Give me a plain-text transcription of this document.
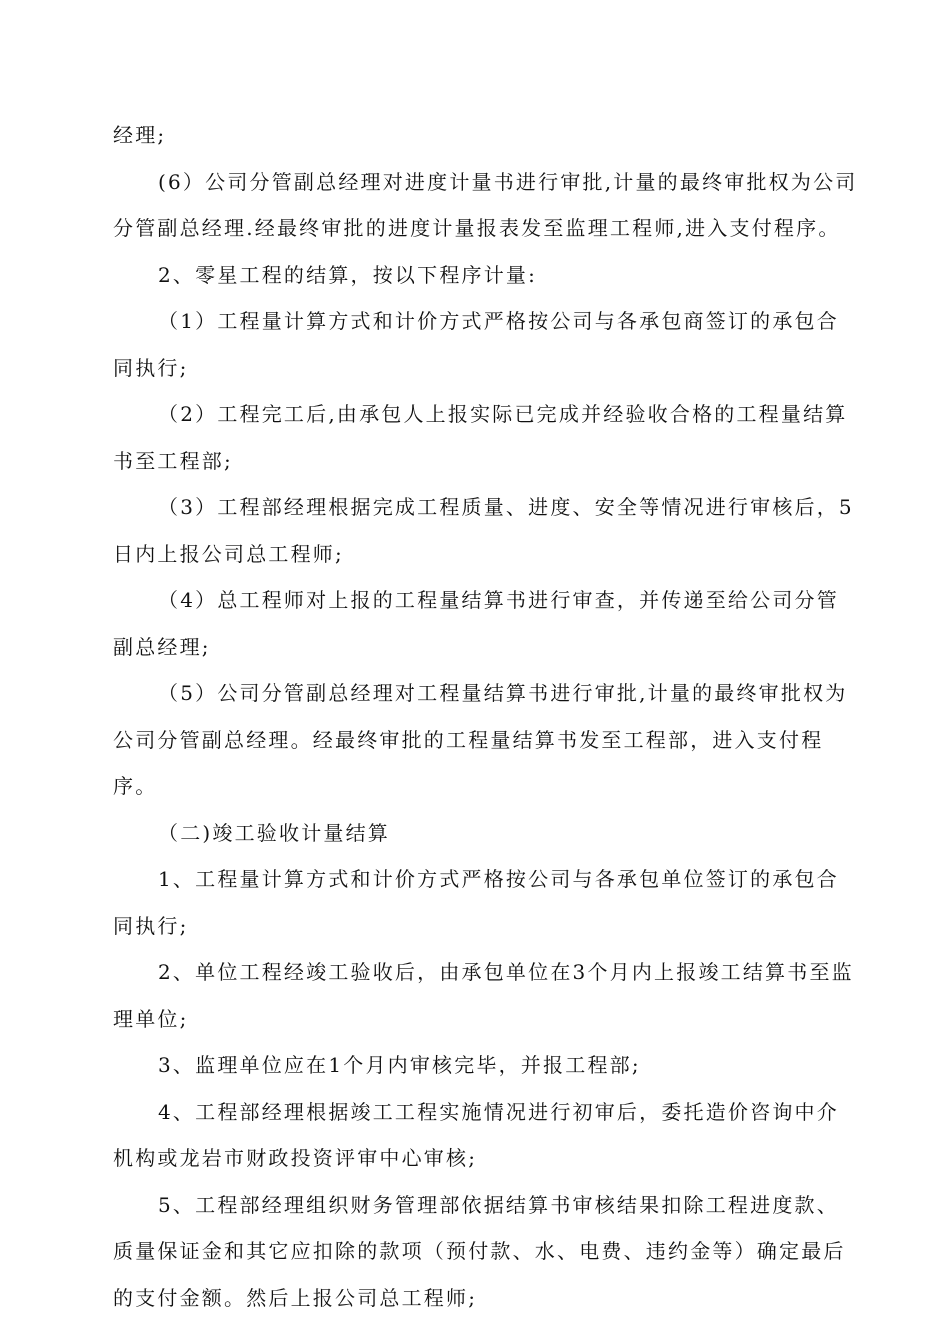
经理;

(6）公司分管副总经理对进度计量书进行审批,计量的最终审批权为公司分管副总经理.经最终审批的进度计量报表发至监理工程师,进入支付程序。

2、零星工程的结算，按以下程序计量:

（1）工程量计算方式和计价方式严格按公司与各承包商签订的承包合同执行;

（2）工程完工后,由承包人上报实际已完成并经验收合格的工程量结算书至工程部;

（3）工程部经理根据完成工程质量、进度、安全等情况进行审核后，5日内上报公司总工程师;

（4）总工程师对上报的工程量结算书进行审查，并传递至给公司分管副总经理;

（5）公司分管副总经理对工程量结算书进行审批,计量的最终审批权为公司分管副总经理。经最终审批的工程量结算书发至工程部，进入支付程序。

（二)竣工验收计量结算

1、工程量计算方式和计价方式严格按公司与各承包单位签订的承包合同执行;

2、单位工程经竣工验收后，由承包单位在3个月内上报竣工结算书至监理单位;

3、监理单位应在1个月内审核完毕，并报工程部;

4、工程部经理根据竣工工程实施情况进行初审后，委托造价咨询中介机构或龙岩市财政投资评审中心审核;

5、工程部经理组织财务管理部依据结算书审核结果扣除工程进度款、质量保证金和其它应扣除的款项（预付款、水、电费、违约金等）确定最后的支付金额。然后上报公司总工程师;
